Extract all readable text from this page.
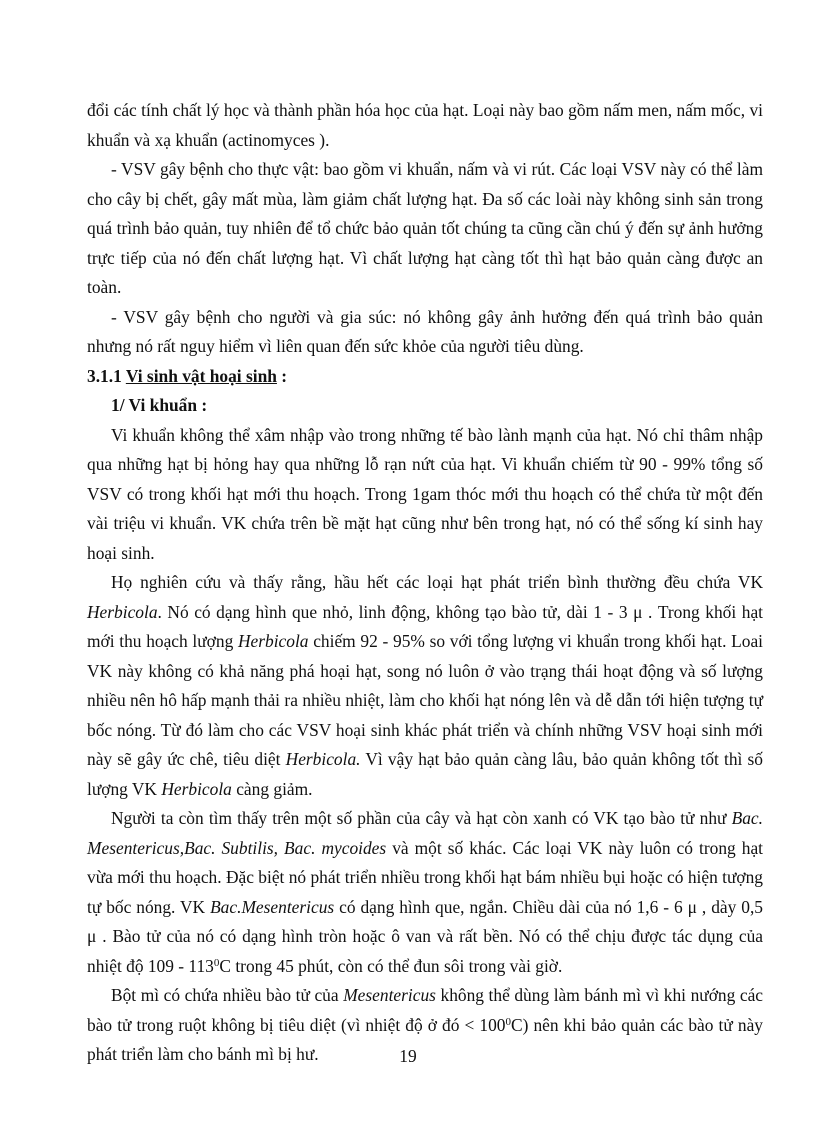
đổi các tính chất lý học và thành phần hóa học của hạt. Loại này bao gồm nấm men, nấm mốc, vi khuẩn và xạ khuẩn (actinomyces ).

- VSV gây bệnh cho thực vật: bao gồm vi khuẩn, nấm và vi rút. Các loại VSV này có thể làm cho cây bị chết, gây mất mùa, làm giảm chất lượng hạt. Đa số các loài này không sinh sản trong quá trình bảo quản, tuy nhiên để tổ chức bảo quản tốt chúng ta cũng cần chú ý đến sự ảnh hưởng trực tiếp của nó đến chất lượng hạt. Vì chất lượng hạt càng tốt thì hạt bảo quản càng được an toàn.

- VSV gây bệnh cho người và gia súc: nó không gây ảnh hưởng đến quá trình bảo quản nhưng nó rất nguy hiểm vì liên quan đến sức khỏe của người tiêu dùng.

3.1.1 Vi sinh vật hoại sinh :

1/ Vi khuẩn :

Vi khuẩn không thể xâm nhập vào trong những tế bào lành mạnh của hạt. Nó chỉ thâm nhập qua những hạt bị hỏng hay qua những lỗ rạn nứt của hạt. Vi khuẩn chiếm từ 90 - 99% tổng số VSV có trong khối hạt mới thu hoạch. Trong 1gam thóc mới thu hoạch có thể chứa từ một đến vài triệu vi khuẩn. VK chứa trên bề mặt hạt cũng như bên trong hạt, nó có thể sống kí sinh hay hoại sinh.

Họ nghiên cứu và thấy rằng, hầu hết các loại hạt phát triển bình thường đều chứa VK Herbicola. Nó có dạng hình que nhỏ, linh động, không tạo bào tử, dài 1 - 3 μ . Trong khối hạt mới thu hoạch lượng Herbicola chiếm 92 - 95% so với tổng lượng vi khuẩn trong khối hạt. Loai VK này không có khả năng phá hoại hạt, song nó luôn ở vào trạng thái hoạt động và số lượng nhiều nên hô hấp mạnh thải ra nhiều nhiệt, làm cho khối hạt nóng lên và dễ dẫn tới hiện tượng tự bốc nóng. Từ đó làm cho các VSV hoại sinh khác phát triển và chính những VSV hoại sinh mới này sẽ gây ức chê, tiêu diệt Herbicola. Vì vậy hạt bảo quản càng lâu, bảo quản không tốt thì số lượng VK Herbicola càng giảm.

Người ta còn tìm thấy trên một số phần của cây và hạt còn xanh có VK tạo bào tử như Bac. Mesentericus,Bac. Subtilis, Bac. mycoides và một số khác. Các loại VK này luôn có trong hạt vừa mới thu hoạch. Đặc biệt nó phát triển nhiều trong khối hạt bám nhiều bụi hoặc có hiện tượng tự bốc nóng. VK Bac.Mesentericus có dạng hình que, ngắn. Chiều dài của nó 1,6 - 6 μ , dày 0,5 μ . Bào tử của nó có dạng hình tròn hoặc ô van và rất bền. Nó có thể chịu được tác dụng của nhiệt độ $109 - 113^0C$ trong 45 phút, còn có thể đun sôi trong vài giờ.

Bột mì có chứa nhiều bào tử của Mesentericus không thể dùng làm bánh mì vì khi nướng các bào tử trong ruột không bị tiêu diệt (vì nhiệt độ ở đó < $100^0C$) nên khi bảo quản các bào tử này phát triển làm cho bánh mì bị hư.	19
